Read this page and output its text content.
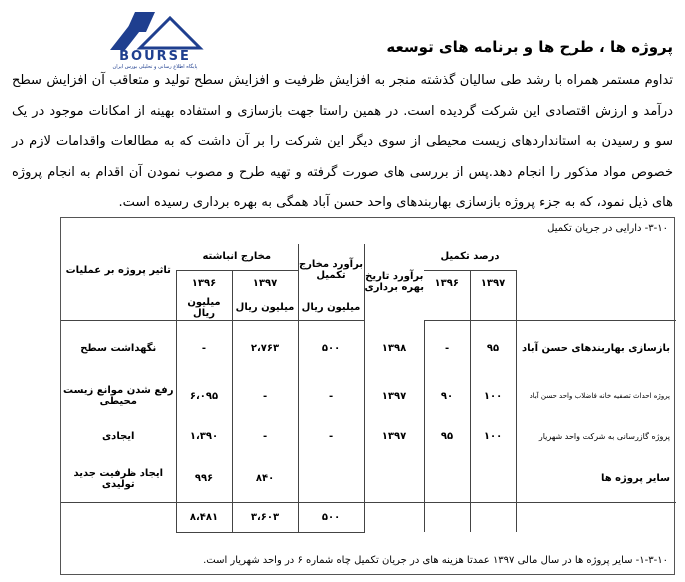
BOURSE
پایگاه اطلاع رسانی و تحلیلی بورس ایران
پروژه ها ، طرح ها و برنامه های توسعه
تداوم مستمر همراه با رشد طی سالیان گذشته منجر به افزایش ظرفیت و افزایش سطح تولید و متعاقب آن افزایش سطح درآمد و ارزش اقتصادی این شرکت گردیده است. در همین راستا جهت بازسازی و استفاده بهینه از امکانات موجود در یک سو و رسیدن به استانداردهای زیست محیطی از سوی دیگر این شرکت را بر آن داشت که به مطالعات واقدامات لازم در خصوص مواد مذکور را انجام دهد.پس از بررسی های صورت گرفته و تهیه طرح و مصوب نمودن آن اقدام به انجام پروژه های ذیل نمود، که به جزء پروژه بازسازی بهاربندهای واحد حسن آباد همگی به بهره برداری رسیده است.
۳-۱۰- دارایی در جریان تکمیل
	درصد تکمیل		برآورد تاریخ بهره برداری	برآورد مخارج تکمیل	مخارج انباشته		تاثیر پروژه بر عملیات
	۱۳۹۷	۱۳۹۶			۱۳۹۷	۱۳۹۶	
				میلیون ریال	میلیون ریال	میلیون ریال	
بازسازی بهاربندهای حسن آباد	۹۵	-	۱۳۹۸	۵۰۰	۲،۷۶۳	-	نگهداشت سطح
پروژه احداث تصفیه خانه فاضلاب واحد حسن آباد	۱۰۰	۹۰	۱۳۹۷	-	-	۶،۰۹۵	رفع شدن موانع زیست محیطی
پروژه گازرسانی به شرکت واحد شهریار	۱۰۰	۹۵	۱۳۹۷	-	-	۱،۳۹۰	ایجادی
سایر پروژه ها					۸۴۰	۹۹۶	ایجاد ظرفیت جدید تولیدی
				۵۰۰	۳،۶۰۳	۸،۴۸۱	
۱-۳-۱۰- سایر پروژه ها در سال مالی ۱۳۹۷ عمدتا هزینه های در جریان تکمیل چاه شماره ۶ در واحد شهریار است.
